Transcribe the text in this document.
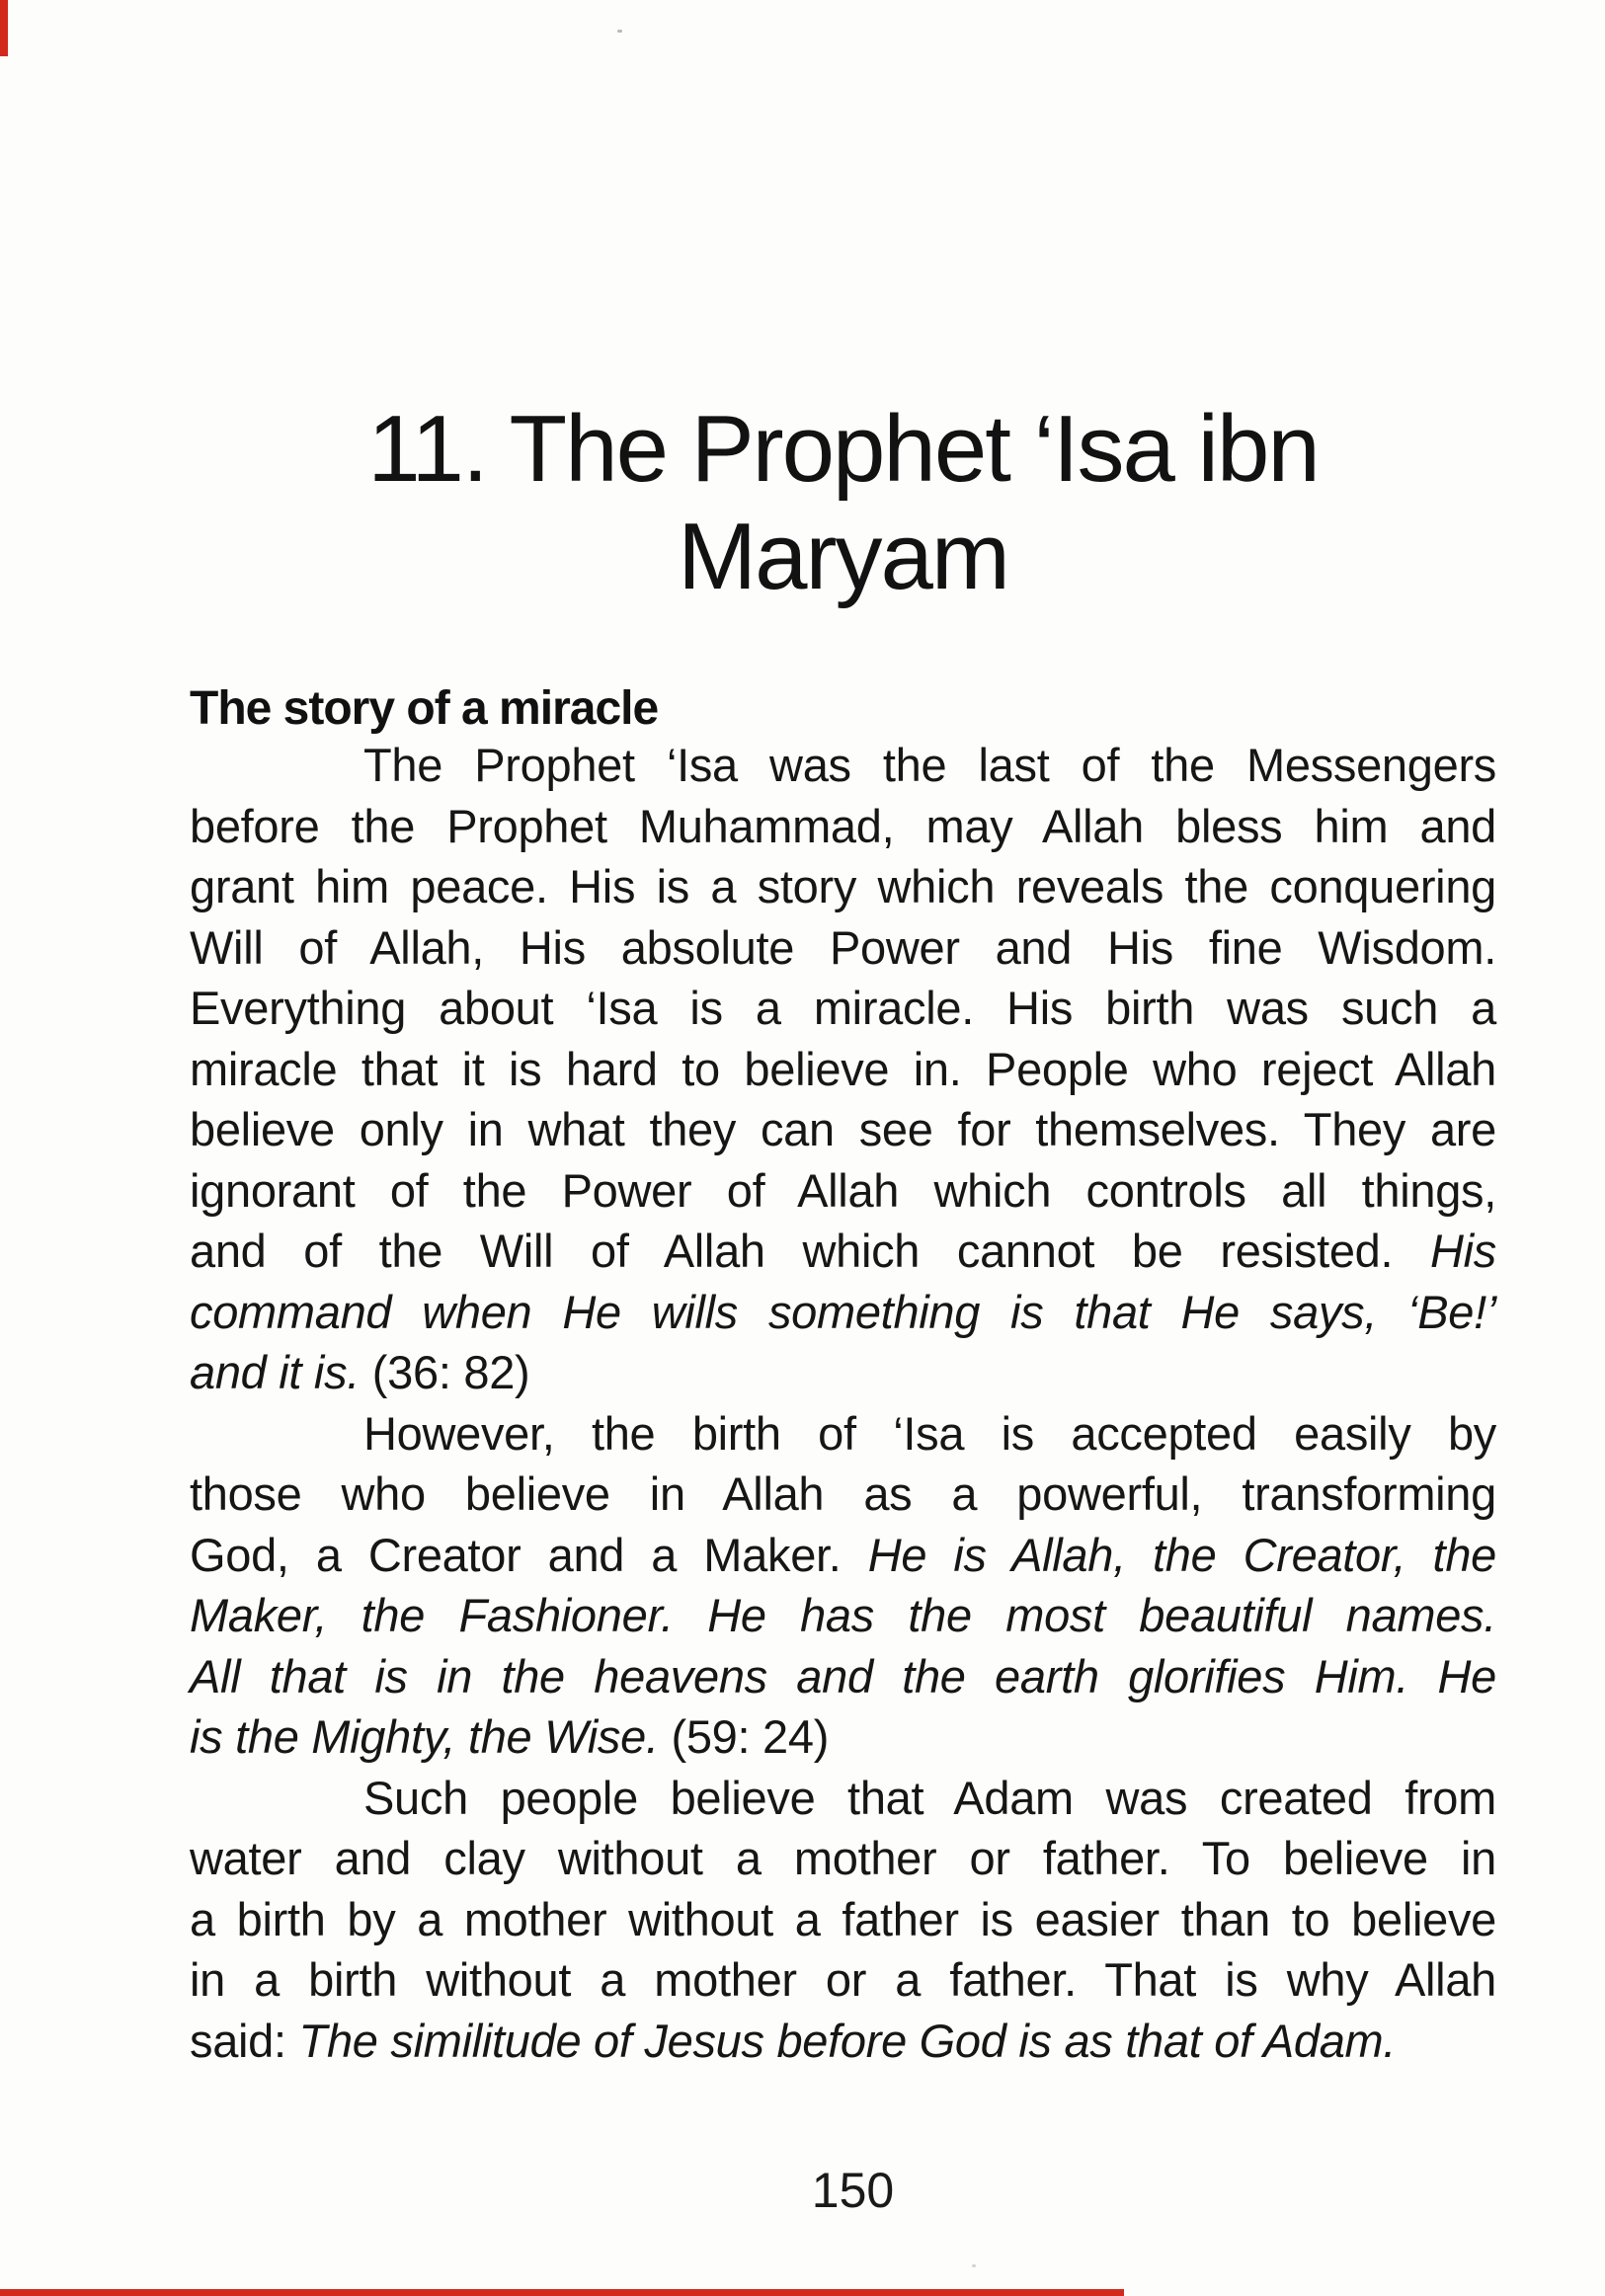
11. The Prophet ‘Isa ibn
Maryam
The story of a miracle
The Prophet ‘Isa was the last of the Messengers
before the Prophet Muhammad, may Allah bless him and
grant him peace. His is a story which reveals the conquering
Will of Allah, His absolute Power and His fine Wisdom.
Everything about ‘Isa is a miracle. His birth was such a
miracle that it is hard to believe in. People who reject Allah
believe only in what they can see for themselves. They are
ignorant of the Power of Allah which controls all things,
and of the Will of Allah which cannot be resisted. His
command when He wills something is that He says, ‘Be!’
and it is. (36: 82)
However, the birth of ‘Isa is accepted easily by
those who believe in Allah as a powerful, transforming
God, a Creator and a Maker. He is Allah, the Creator, the
Maker, the Fashioner. He has the most beautiful names.
All that is in the heavens and the earth glorifies Him. He
is the Mighty, the Wise. (59: 24)
Such people believe that Adam was created from
water and clay without a mother or father. To believe in
a birth by a mother without a father is easier than to believe
in a birth without a mother or a father. That is why Allah
said: The similitude of Jesus before God is as that of Adam.
150
